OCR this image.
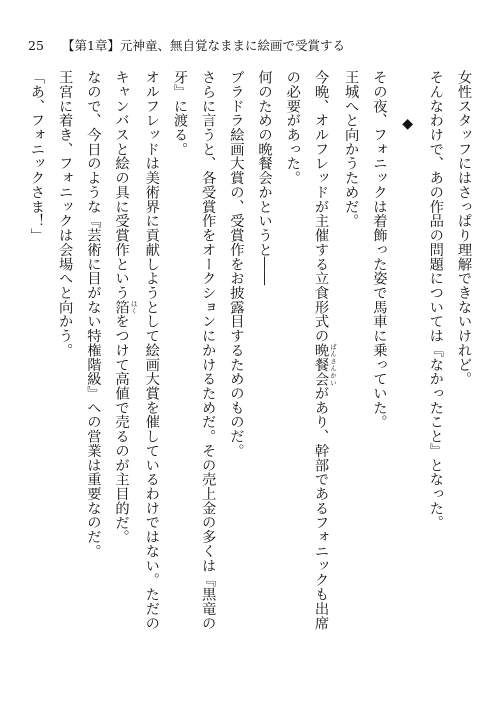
25 【第1章】元神童、無自覚なままに絵画で受賞する
女性スタッフにはさっぱり理解できないけれど。
そんなわけで、あの作品の問題については『なかったこと』となった。
◆
その夜、フォニックは着飾った姿で馬車に乗っていた。
王城へと向かうためだ。
今晩、オルフレッドが主催する立食形式の晩餐会 ばんさんかいがあり、幹部であるフォニックも出席
の必要があった。
何のための晩餐会かというと――
ブラドラ絵画大賞の、受賞作をお披露目するためのものだ。
さらに言うと、各受賞作をオークションにかけるためだ。その売上金の多くは『黒竜の
牙』に渡る。
オルフレッドは美術界に貢献しようとして絵画大賞を催しているわけではない。ただの
キャンバスと絵の具に受賞作という箔 はくをつけて高値で売るのが主目的だ。
なので、今日のような『芸術に目がない特権階級』への営業は重要なのだ。
王宮に着き、フォニックは会場へと向かう。
「あ、フォニックさま！」
